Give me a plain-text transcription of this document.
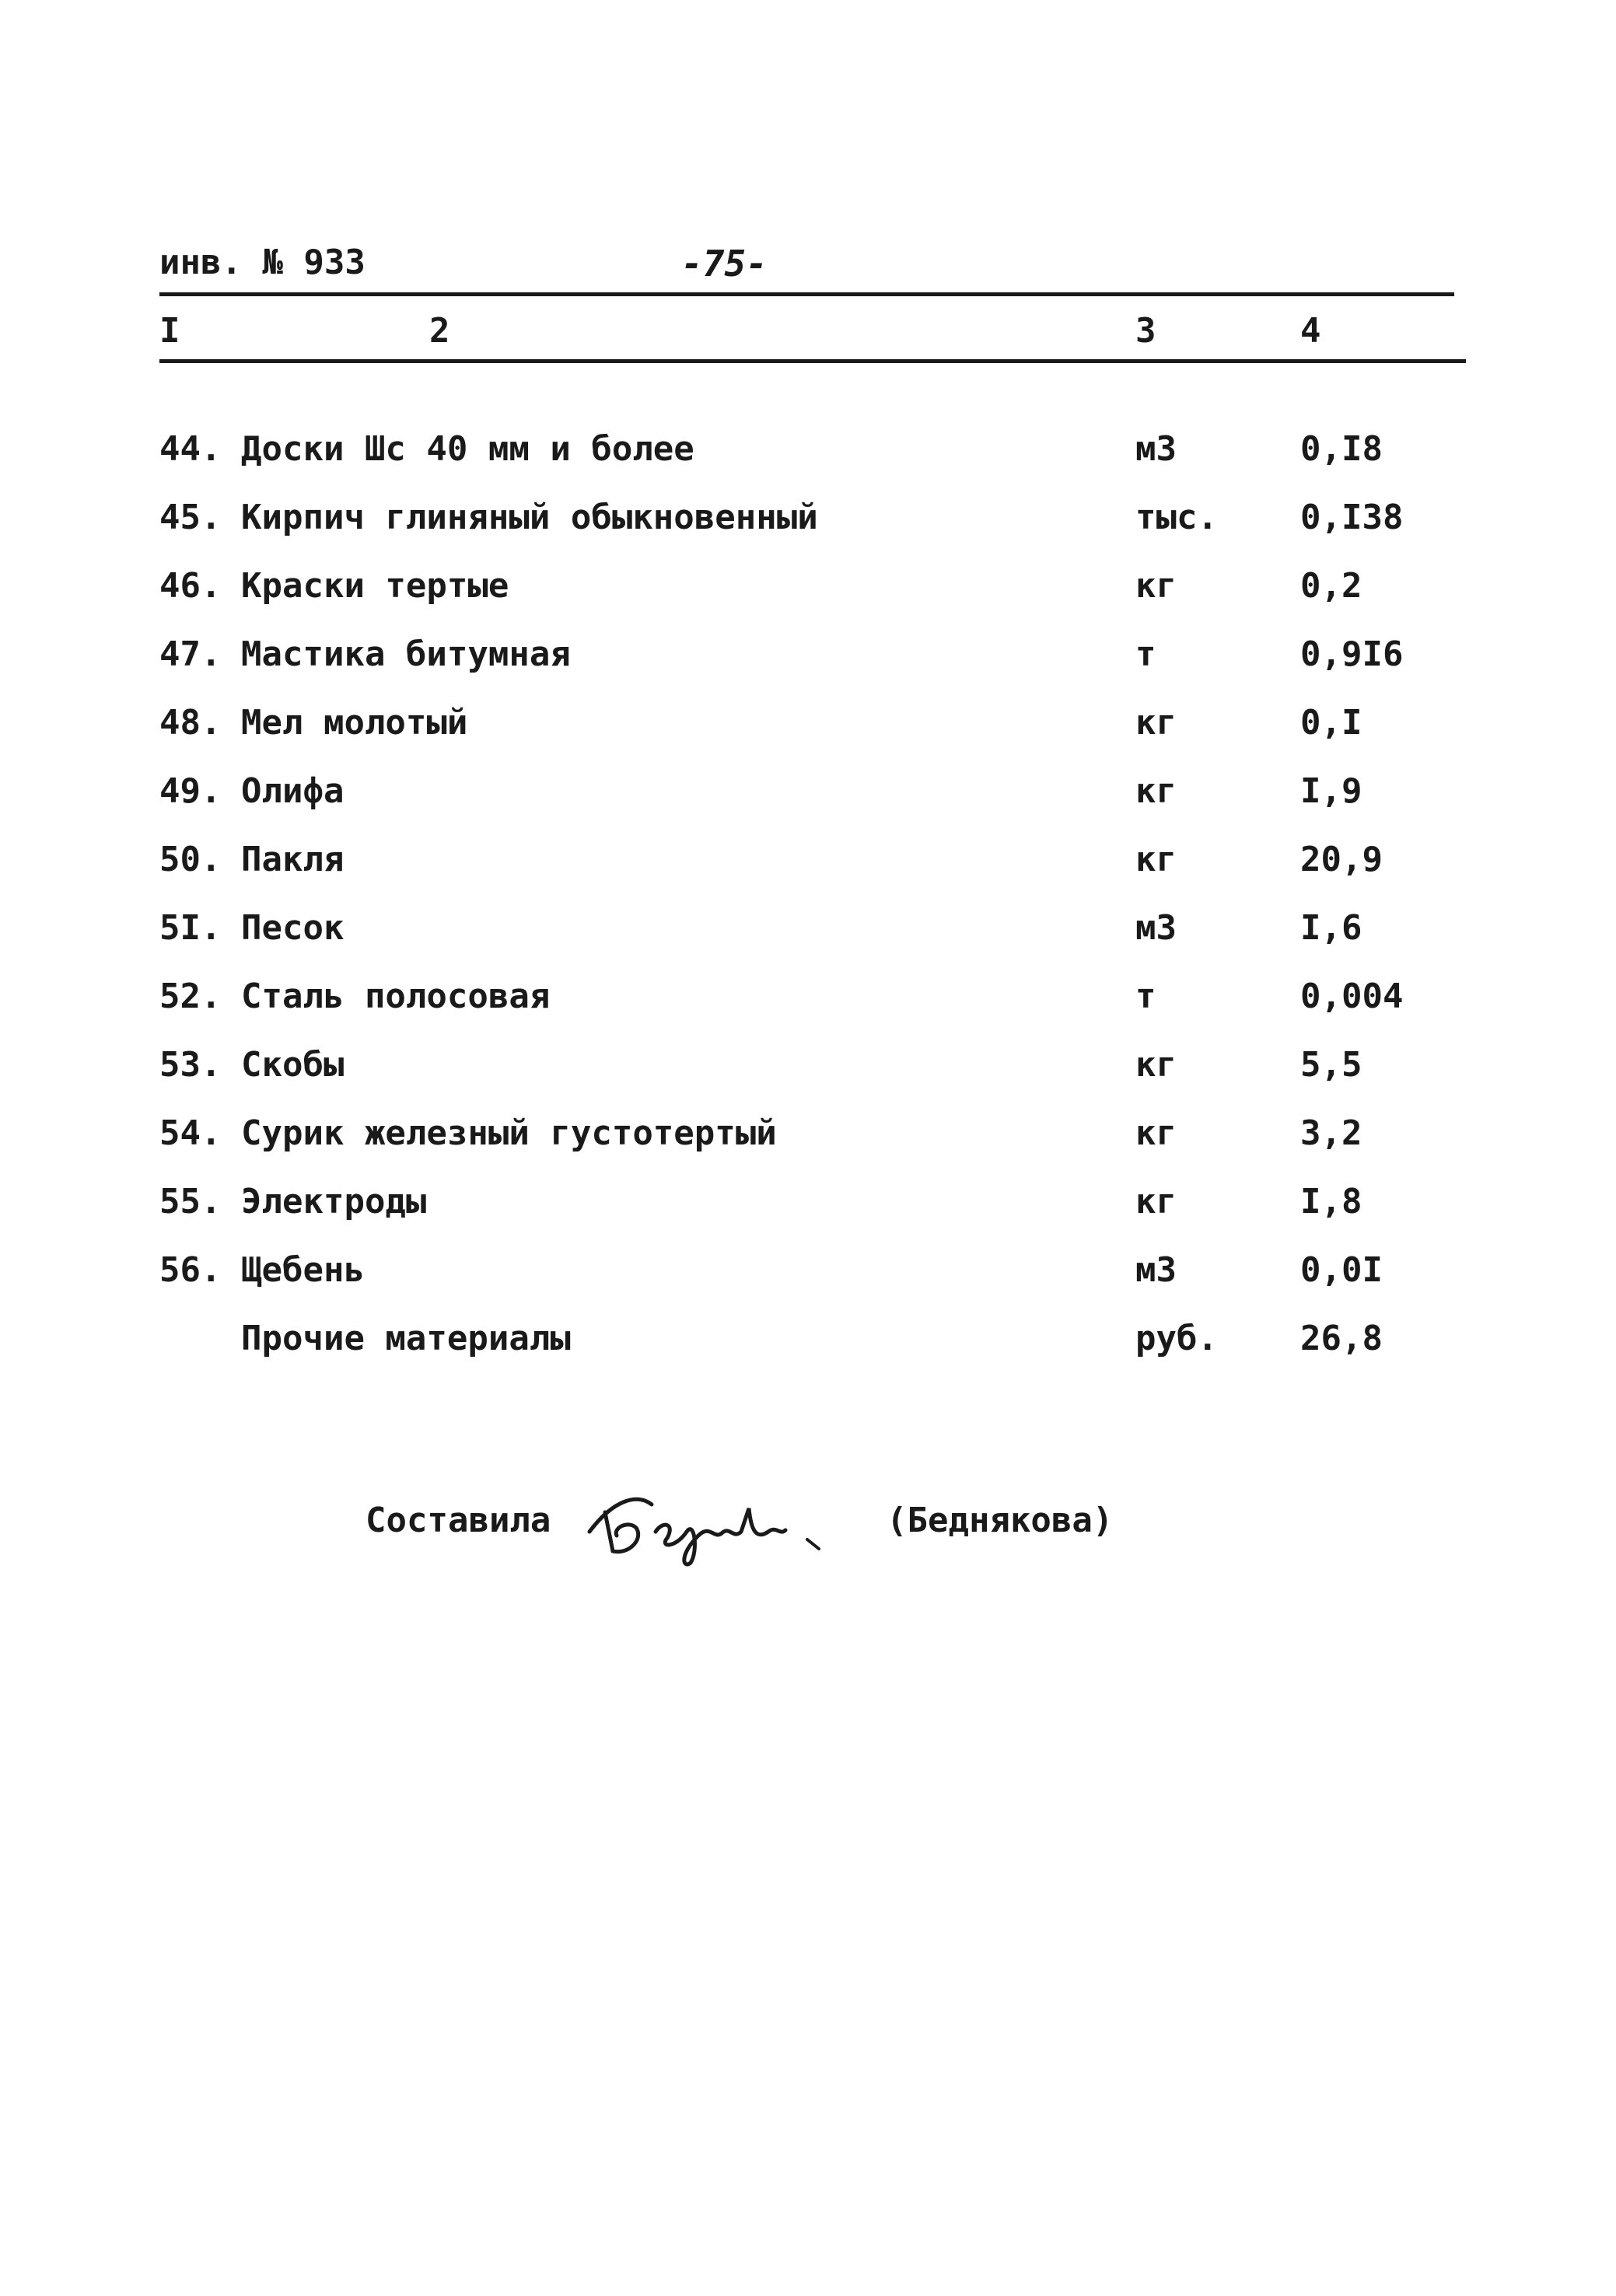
инв. № 933	-75-
I	2	3	4
44. Доски Шс 40 мм и более	м3	0,I8
45. Кирпич глиняный обыкновенный	тыс. 0,I38
46. Краски тертые	кг	0,2
47. Мастика битумная	т	0,9I6
48. Мел молотый	кг	0,I
49. Олифа	кг	I,9
50. Пакля	кг	20,9
5I. Песок	м3	I,6
52. Сталь полосовая	т	0,004
53. Скобы	кг	5,5
54. Сурик железный густотертый	кг	3,2
55. Электроды	кг	I,8
56. Щебень	м3	0,0I
Прочие материалы	руб. 26,8
Составила	(Беднякова)
